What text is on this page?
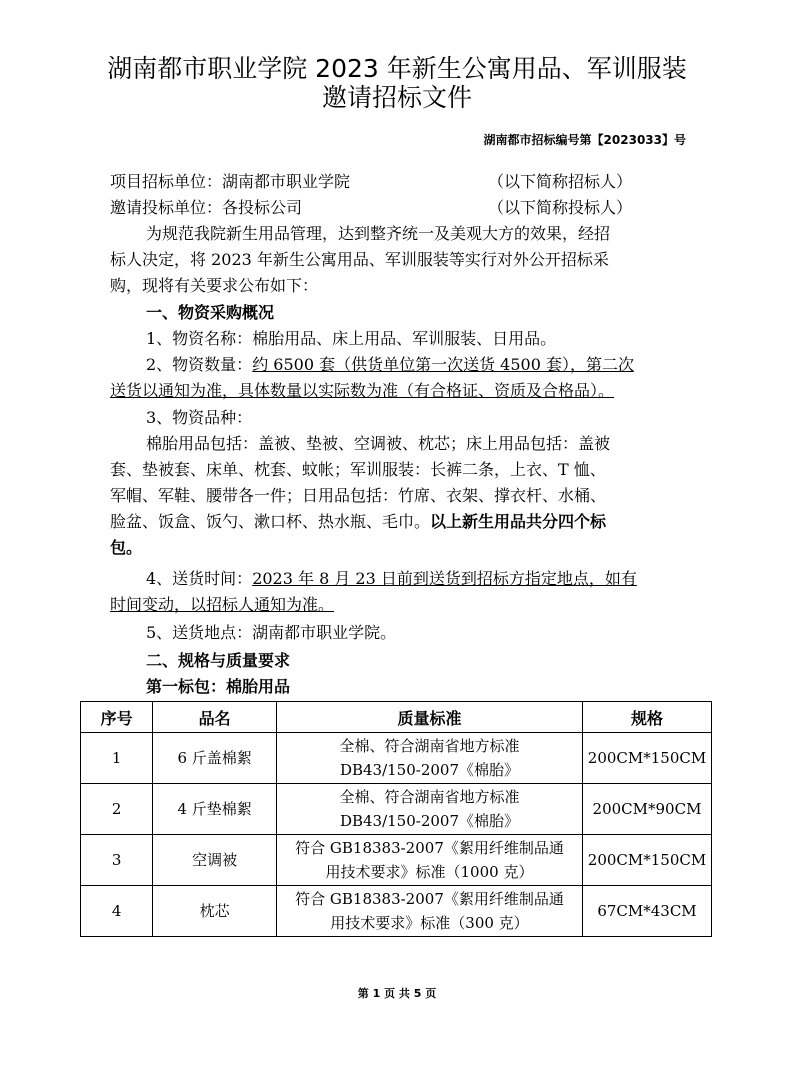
湖南都市职业学院 2023 年新生公寓用品、军训服装
邀请招标文件
湖南都市招标编号第【2023033】号
项目招标单位：湖南都市职业学院	（以下简称招标人）
邀请投标单位：各投标公司	（以下简称投标人）
为规范我院新生用品管理，达到整齐统一及美观大方的效果，经招
标人决定，将 2023 年新生公寓用品、军训服装等实行对外公开招标采
购，现将有关要求公布如下：
一、物资采购概况
1、物资名称：棉胎用品、床上用品、军训服装、日用品。
2、物资数量：约 6500 套（供货单位第一次送货 4500 套），第二次
送货以通知为准，具体数量以实际数为准（有合格证、资质及合格品）。
3、物资品种：
棉胎用品包括：盖被、垫被、空调被、枕芯；床上用品包括：盖被
套、垫被套、床单、枕套、蚊帐；军训服装：长裤二条，上衣、T 恤、
军帽、军鞋、腰带各一件；日用品包括：竹席、衣架、撑衣杆、水桶、
脸盆、饭盒、饭勺、漱口杯、热水瓶、毛巾。以上新生用品共分四个标
包。
4、送货时间：2023 年 8 月 23 日前到送货到招标方指定地点，如有
时间变动，以招标人通知为准。
5、送货地点：湖南都市职业学院。
二、规格与质量要求
第一标包：棉胎用品
序号	品名	质量标准	规格
1	6 斤盖棉絮	全棉、符合湖南省地方标准
DB43/150-2007《棉胎》	200CM*150CM
2	4 斤垫棉絮	全棉、符合湖南省地方标准
DB43/150-2007《棉胎》	200CM*90CM
3	空调被	符合 GB18383-2007《絮用纤维制品通
用技术要求》标准（1000 克）	200CM*150CM
4	枕芯	符合 GB18383-2007《絮用纤维制品通
用技术要求》标准（300 克）	67CM*43CM
第 1 页 共 5 页
